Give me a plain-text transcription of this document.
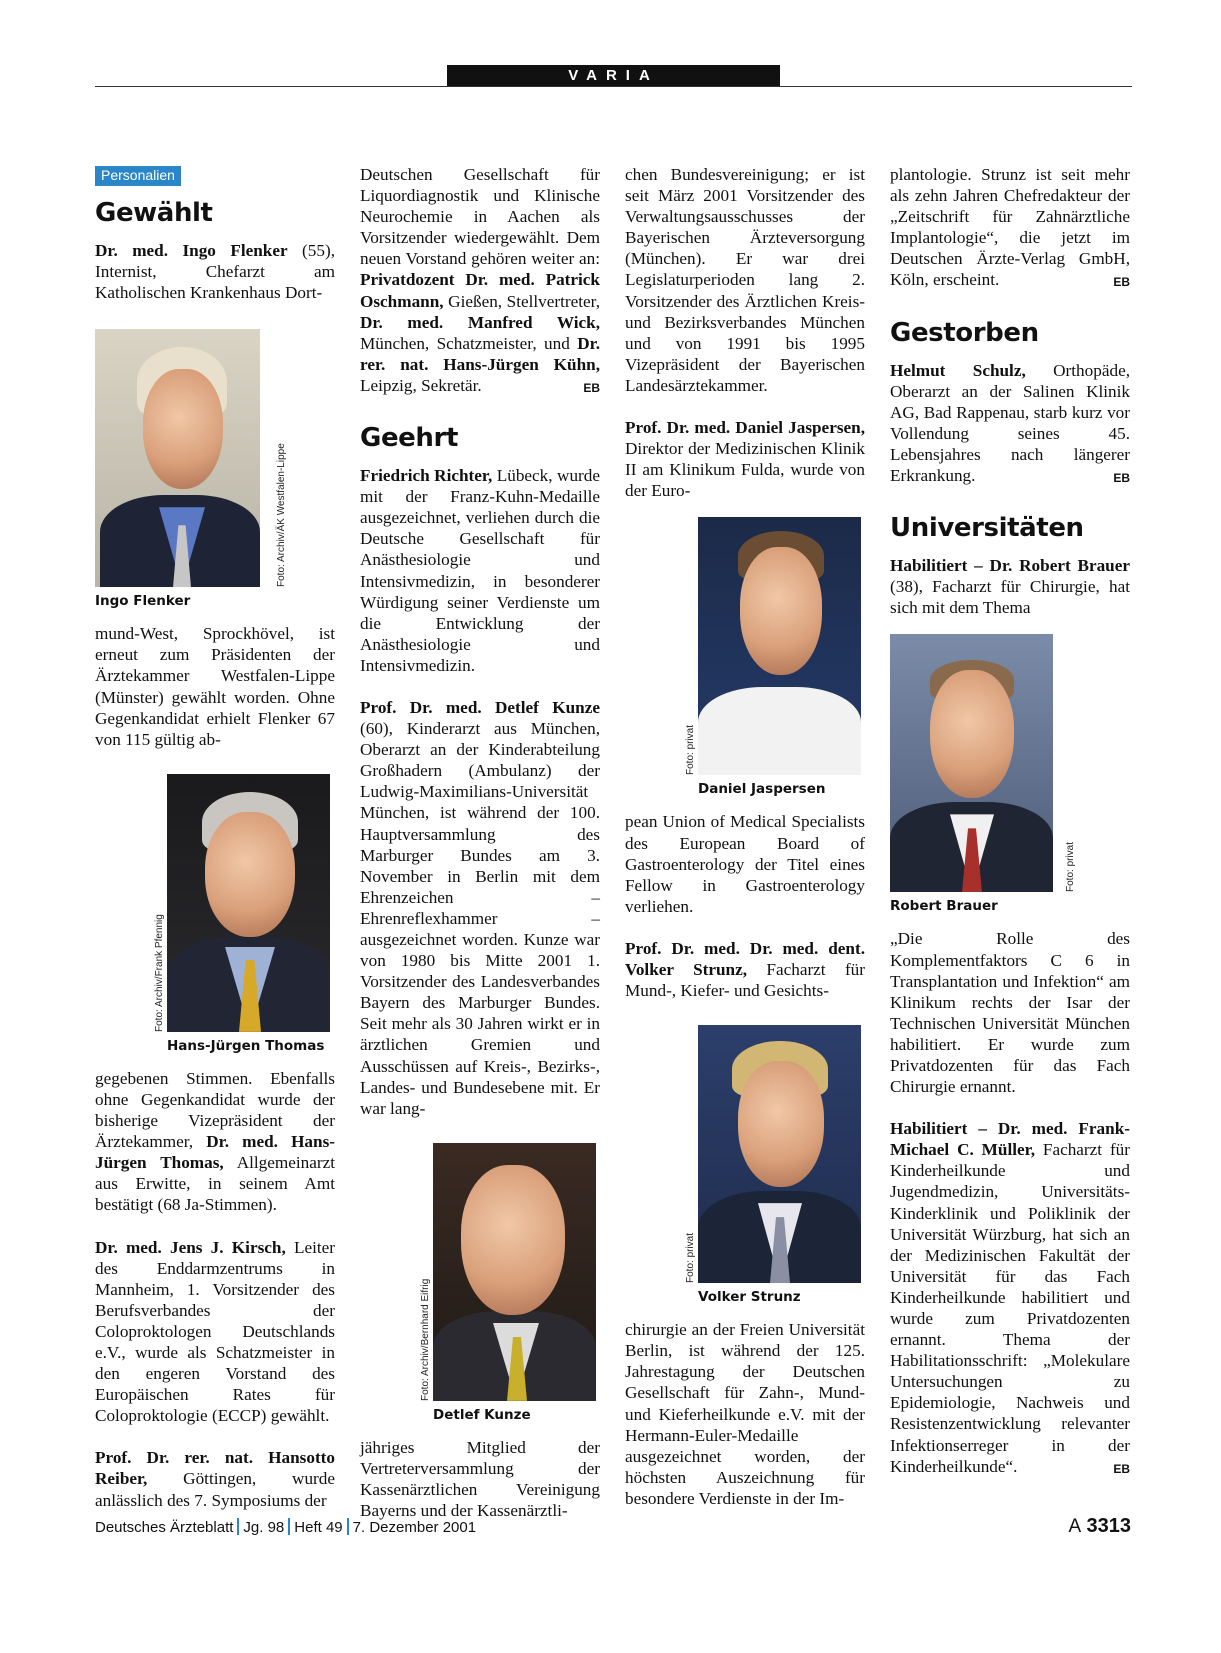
VARIA
Personalien
Gewählt

Dr. med. Ingo Flenker (55), Internist, Chefarzt am Katholischen Krankenhaus Dort-

Foto: Archiv/ÄK Westfalen-Lippe
Ingo Flenker

mund-West, Sprockhövel, ist erneut zum Präsidenten der Ärztekammer Westfalen-Lippe (Münster) gewählt worden. Ohne Gegenkandidat erhielt Flenker 67 von 115 gültig ab-

Foto: Archiv/Frank Pfennig
Hans-Jürgen Thomas

gegebenen Stimmen. Ebenfalls ohne Gegenkandidat wurde der bisherige Vizepräsident der Ärztekammer, Dr. med. Hans-Jürgen Thomas, Allgemeinarzt aus Erwitte, in seinem Amt bestätigt (68 Ja-Stimmen).

Dr. med. Jens J. Kirsch, Leiter des Enddarmzentrums in Mannheim, 1. Vorsitzender des Berufsverbandes der Coloproktologen Deutschlands e.V., wurde als Schatzmeister in den engeren Vorstand des Europäischen Rates für Coloproktologie (ECCP) gewählt.

Prof. Dr. rer. nat. Hansotto Reiber, Göttingen, wurde anlässlich des 7. Symposiums der

Deutschen Gesellschaft für Liquordiagnostik und Klinische Neurochemie in Aachen als Vorsitzender wiedergewählt. Dem neuen Vorstand gehören weiter an: Privatdozent Dr. med. Patrick Oschmann, Gießen, Stellvertreter, Dr. med. Manfred Wick, München, Schatzmeister, und Dr. rer. nat. Hans-Jürgen Kühn, Leipzig, Sekretär.	EB

Geehrt

Friedrich Richter, Lübeck, wurde mit der Franz-Kuhn-Medaille ausgezeichnet, verliehen durch die Deutsche Gesellschaft für Anästhesiologie und Intensivmedizin, in besonderer Würdigung seiner Verdienste um die Entwicklung der Anästhesiologie und Intensivmedizin.

Prof. Dr. med. Detlef Kunze (60), Kinderarzt aus München, Oberarzt an der Kinderabteilung Großhadern (Ambulanz) der Ludwig-Maximilians-Universität München, ist während der 100. Hauptversammlung des Marburger Bundes am 3. November in Berlin mit dem Ehrenzeichen – Ehrenreflexhammer – ausgezeichnet worden. Kunze war von 1980 bis Mitte 2001 1. Vorsitzender des Landesverbandes Bayern des Marburger Bundes. Seit mehr als 30 Jahren wirkt er in ärztlichen Gremien und Ausschüssen auf Kreis-, Bezirks-, Landes- und Bundesebene mit. Er war lang-

Foto: Archiv/Bernhard Eifrig
Detlef Kunze

jähriges Mitglied der Vertreterversammlung der Kassenärztlichen Vereinigung Bayerns und der Kassenärztli-

chen Bundesvereinigung; er ist seit März 2001 Vorsitzender des Verwaltungsausschusses der Bayerischen Ärzteversorgung (München). Er war drei Legislaturperioden lang 2. Vorsitzender des Ärztlichen Kreis- und Bezirksverbandes München und von 1991 bis 1995 Vizepräsident der Bayerischen Landesärztekammer.

Prof. Dr. med. Daniel Jaspersen, Direktor der Medizinischen Klinik II am Klinikum Fulda, wurde von der Euro-

Foto: privat
Daniel Jaspersen

pean Union of Medical Specialists des European Board of Gastroenterology der Titel eines Fellow in Gastroenterology verliehen.

Prof. Dr. med. Dr. med. dent. Volker Strunz, Facharzt für Mund-, Kiefer- und Gesichts-

Foto: privat
Volker Strunz

chirurgie an der Freien Universität Berlin, ist während der 125. Jahrestagung der Deutschen Gesellschaft für Zahn-, Mund- und Kieferheilkunde e.V. mit der Hermann-Euler-Medaille ausgezeichnet worden, der höchsten Auszeichnung für besondere Verdienste in der Im-

plantologie. Strunz ist seit mehr als zehn Jahren Chefredakteur der „Zeitschrift für Zahnärztliche Implantologie“, die jetzt im Deutschen Ärzte-Verlag GmbH, Köln, erscheint.	EB

Gestorben

Helmut Schulz, Orthopäde, Oberarzt an der Salinen Klinik AG, Bad Rappenau, starb kurz vor Vollendung seines 45. Lebensjahres nach längerer Erkrankung.	EB

Universitäten

Habilitiert – Dr. Robert Brauer (38), Facharzt für Chirurgie, hat sich mit dem Thema

Foto: privat
Robert Brauer

„Die Rolle des Komplementfaktors C 6 in Transplantation und Infektion“ am Klinikum rechts der Isar der Technischen Universität München habilitiert. Er wurde zum Privatdozenten für das Fach Chirurgie ernannt.

Habilitiert – Dr. med. Frank-Michael C. Müller, Facharzt für Kinderheilkunde und Jugendmedizin, Universitäts-Kinderklinik und Poliklinik der Universität Würzburg, hat sich an der Medizinischen Fakultät der Universität für das Fach Kinderheilkunde habilitiert und wurde zum Privatdozenten ernannt. Thema der Habilitationsschrift: „Molekulare Untersuchungen zu Epidemiologie, Nachweis und Resistenzentwicklung relevanter Infektionserreger in der Kinderheilkunde“.	EB

Deutsches Ärzteblatt Jg. 98 Heft 49 7. Dezember 2001	A 3313
